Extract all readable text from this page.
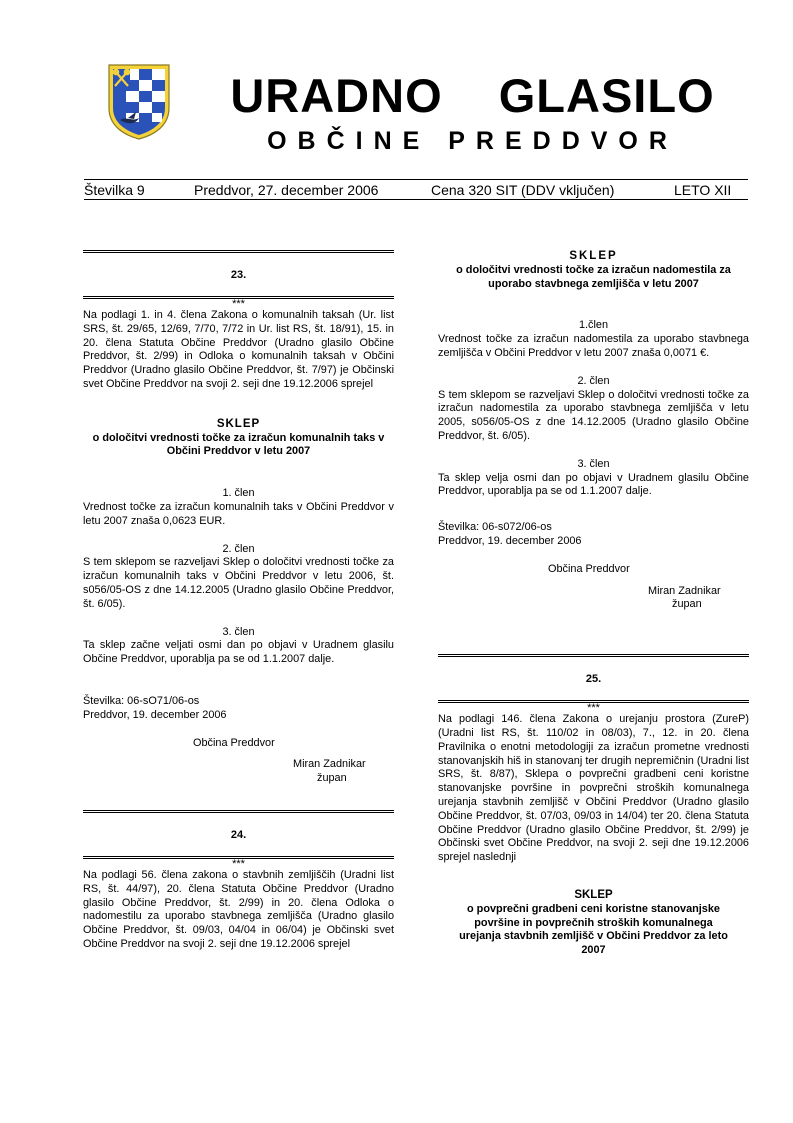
URADNO  GLASILO
OBČINE PREDDVOR
Številka 9	Preddvor, 27. december 2006	Cena 320 SIT (DDV vključen)	LETO XII
23.
***

Na podlagi 1. in 4. člena Zakona o komunalnih taksah (Ur. list SRS, št. 29/65, 12/69, 7/70, 7/72 in Ur. list RS, št. 18/91), 15. in 20. člena Statuta Občine Preddvor (Uradno glasilo Občine Preddvor, št. 2/99) in Odloka o komunalnih taksah v Občini Preddvor (Uradno glasilo Občine Preddvor, št. 7/97) je Občinski svet Občine Preddvor na svoji 2. seji dne 19.12.2006 sprejel

SKLEP
o določitvi vrednosti točke za izračun komunalnih taks v Občini Preddvor v letu 2007
1. člen

Vrednost točke za izračun komunalnih taks v Občini Preddvor v letu 2007 znaša 0,0623 EUR.

2. člen

S tem sklepom se razveljavi Sklep o določitvi vrednosti točke za izračun komunalnih taks v Občini Preddvor v letu 2006, št. s056/05-OS z dne 14.12.2005 (Uradno glasilo Občine Preddvor, št. 6/05).

3. člen

Ta sklep začne veljati osmi dan po objavi v Uradnem glasilu Občine Preddvor, uporablja pa se od 1.1.2007 dalje.

Številka: 06-sO71/06-os
Preddvor, 19. december 2006
Občina Preddvor
Miran Zadnikar
župan
24.
***

Na podlagi 56. člena zakona o stavbnih zemljiščih (Uradni list RS, št. 44/97), 20. člena Statuta Občine Preddvor (Uradno glasilo Občine Preddvor, št. 2/99) in 20. člena Odloka o nadomestilu za uporabo stavbnega zemljišča (Uradno glasilo Občine Preddvor, št. 09/03, 04/04 in 06/04) je Občinski svet Občine Preddvor na svoji 2. seji dne 19.12.2006 sprejel

SKLEP
o določitvi vrednosti točke za izračun nadomestila za uporabo stavbnega zemljišča v letu 2007
1.člen

Vrednost točke za izračun nadomestila za uporabo stavbnega zemljišča v Občini Preddvor v letu 2007 znaša 0,0071 €.

2. člen

S tem sklepom se razveljavi Sklep o določitvi vrednosti točke za izračun nadomestila za uporabo stavbnega zemljišča v letu 2005, s056/05-OS z dne 14.12.2005 (Uradno glasilo Občine Preddvor, št. 6/05).

3. člen

Ta sklep velja osmi dan po objavi v Uradnem glasilu Občine Preddvor, uporablja pa se od 1.1.2007 dalje.

Številka: 06-s072/06-os
Preddvor, 19. december 2006
Občina Preddvor
Miran Zadnikar
župan
25.
***

Na podlagi 146. člena Zakona o urejanju prostora (ZureP) (Uradni list RS, št. 110/02 in 08/03), 7., 12. in 20. člena Pravilnika o enotni metodologiji za izračun prometne vrednosti stanovanjskih hiš in stanovanj ter drugih nepremičnin (Uradni list SRS, št. 8/87), Sklepa o povprečni gradbeni ceni koristne stanovanjske površine in povprečni stroških komunalnega urejanja stavbnih zemljišč v Občini Preddvor (Uradno glasilo Občine Preddvor, št. 07/03, 09/03 in 14/04) ter 20. člena Statuta Občine Preddvor (Uradno glasilo Občine Preddvor, št. 2/99) je Občinski svet Občine Preddvor, na svoji 2. seji dne 19.12.2006 sprejel naslednji

SKLEP
o povprečni gradbeni ceni koristne stanovanjske površine in povprečnih stroških komunalnega urejanja stavbnih zemljišč v Občini Preddvor za leto 2007
